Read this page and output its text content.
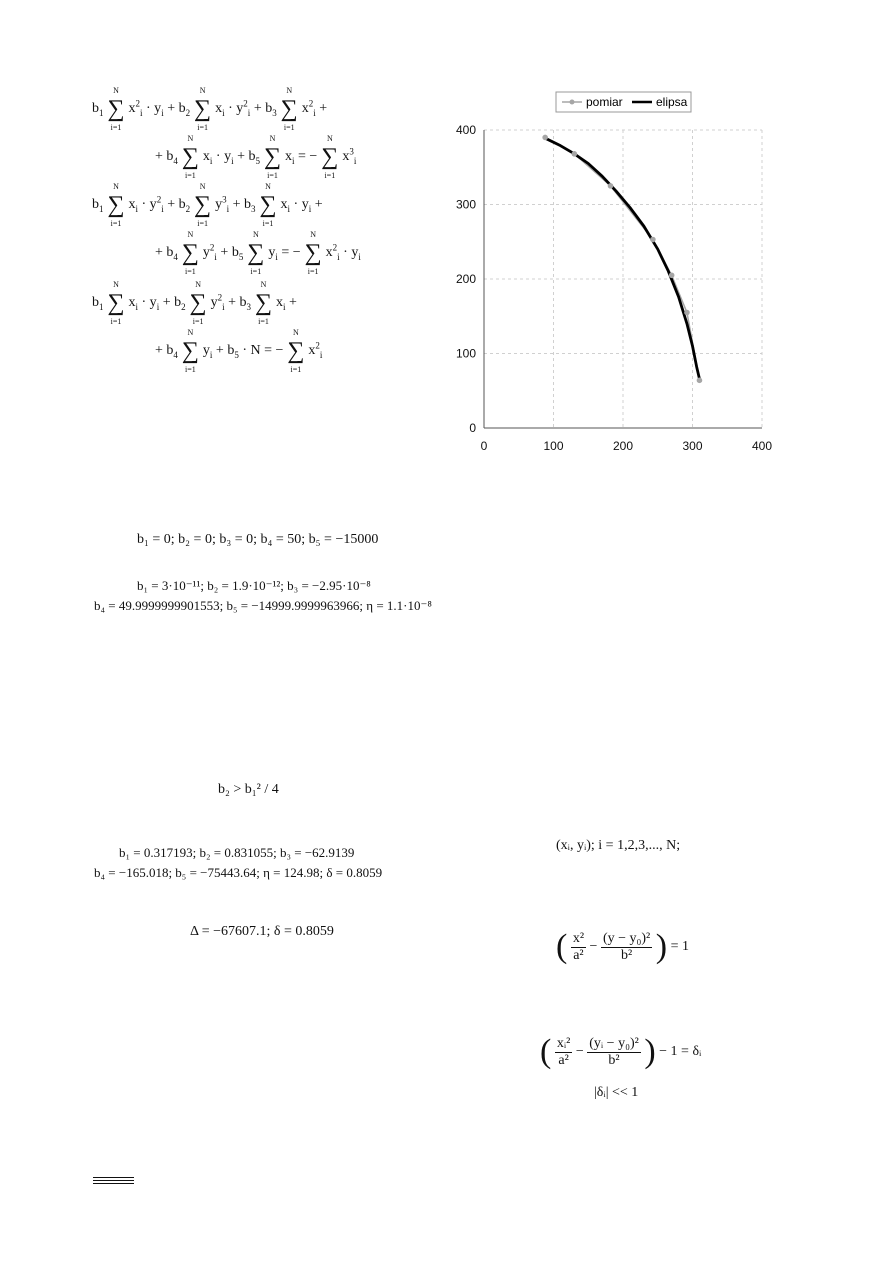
$b_1$
N
∑
i=1
$x^2_i \cdot y_i + b_2$
N
∑
i=1
$x_i \cdot y^2_i + b_3$
N
∑
i=1
$x^2_i$ +
+ $b_4$
N
∑
i=1
$x_i \cdot y_i + b_5$
N
∑
i=1
$x_i$ = −
N
∑
i=1
$x^3_i$
$b_1$
N
∑
i=1
$x_i \cdot y^2_i + b_2$
N
∑
i=1
$y^3_i + b_3$
N
∑
i=1
$x_i \cdot y_i$ +
+ $b_4$
N
∑
i=1
$y^2_i + b_5$
N
∑
i=1
$y_i$ = −
N
∑
i=1
$x^2_i \cdot y_i$
$b_1$
N
∑
i=1
$x_i \cdot y_i + b_2$
N
∑
i=1
$y^2_i + b_3$
N
∑
i=1
$x_i$ +
+ $b_4$
N
∑
i=1
$y_i + b_5 \cdot N$ = −
N
∑
i=1
$x^2_i$
pomiar	elipsa
0	100	200	300	400
0
100
200
300
400
b₁ = 0; b₂ = 0; b₃ = 0; b₄ = 50; b₅ = −15000
b₁ = 3·10⁻¹¹; b₂ = 1.9·10⁻¹²; b₃ = −2.95·10⁻⁸
b₄ = 49.9999999901553; b₅ = −14999.9999963966; η = 1.1·10⁻⁸
b₂ > b₁² / 4
b₁ = 0.317193; b₂ = 0.831055; b₃ = −62.9139
b₄ = −165.018; b₅ = −75443.64; η = 124.98; δ = 0.8059
Δ = −67607.1; δ = 0.8059
(xᵢ, yᵢ); i = 1,2,3,..., N;
( $\frac{\text{x²}}{\text{a²}} - \frac{\text{(y − y₀)²}}{\text{b²}}$ ) = 1
( $\frac{\text{xᵢ²}}{\text{a²}} - \frac{\text{(yᵢ − y₀)²}}{\text{b²}}$ ) − 1 = δᵢ
|δᵢ| << 1
